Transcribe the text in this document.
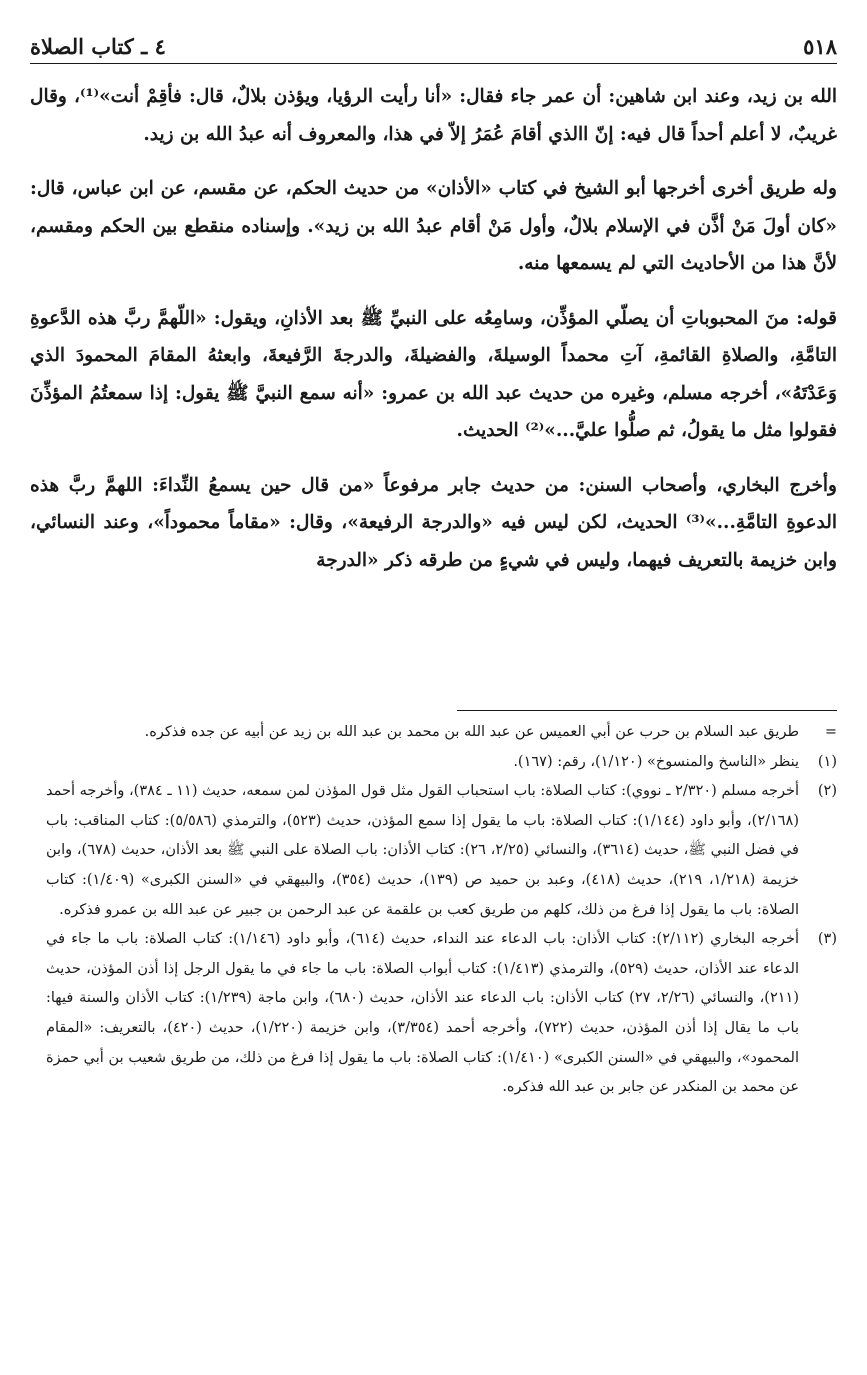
٥١٨
٤ ـ كتاب الصلاة

الله بن زيد، وعند ابن شاهين: أن عمر جاء فقال: «أنا رأيت الرؤيا، ويؤذن بلالٌ، قال: فأقِمْ أنت»⁽¹⁾، وقال غريبٌ، لا أعلم أحداً قال فيه: إنّ االذي أقامَ عُمَرُ إلاّ في هذا، والمعروف أنه عبدُ الله بن زيد.

وله طريق أخرى أخرجها أبو الشيخ في كتاب «الأذان» من حديث الحكم، عن مقسم، عن ابن عباس، قال: «كان أولَ مَنْ أذَّن في الإسلام بلالٌ، وأول مَنْ أقام عبدُ الله بن زيد». وإسناده منقطع بين الحكم ومقسم، لأنَّ هذا من الأحاديث التي لم يسمعها منه.

قوله: منَ المحبوباتِ أن يصلّي المؤذِّن، وسامِعُه على النبيِّ ﷺ بعد الأذانِ، ويقول: «اللّهمَّ ربَّ هذه الدَّعوةِ التامَّةِ، والصلاةِ القائمةِ، آتِ محمداً الوسيلةَ، والفضيلةَ، والدرجةَ الرَّفيعةَ، وابعثهُ المقامَ المحمودَ الذي وَعَدْتَهُ»، أخرجه مسلم، وغيره من حديث عبد الله بن عمرو: «أنه سمع النبيَّ ﷺ يقول: إذا سمعتُمُ المؤذِّنَ فقولوا مثل ما يقولُ، ثم صلُّوا عليَّ...»⁽²⁾ الحديث.

وأخرج البخاري، وأصحاب السنن: من حديث جابر مرفوعاً «من قال حين يسمعُ النِّداءَ: اللهمَّ ربَّ هذه الدعوةِ التامَّةِ...»⁽³⁾ الحديث، لكن ليس فيه «والدرجة الرفيعة»، وقال: «مقاماً محموداً»، وعند النسائي، وابن خزيمة بالتعريف فيهما، وليس في شيءٍ من طرقه ذكر «الدرجة

=
طريق عبد السلام بن حرب عن أبي العميس عن عبد الله بن محمد بن عبد الله بن زيد عن أبيه عن جده فذكره.
(١)
ينظر «الناسخ والمنسوخ» (١/١٢٠)، رقم: (١٦٧).
(٢)
أخرجه مسلم (٢/٣٢٠ ـ نووي): كتاب الصلاة: باب استحباب القول مثل قول المؤذن لمن سمعه، حديث (١١ ـ ٣٨٤)، وأخرجه أحمد (٢/١٦٨)، وأبو داود (١/١٤٤): كتاب الصلاة: باب ما يقول إذا سمع المؤذن، حديث (٥٢٣)، والترمذي (٥/٥٨٦): كتاب المناقب: باب في فضل النبي ﷺ، حديث (٣٦١٤)، والنسائي (٢/٢٥، ٢٦): كتاب الأذان: باب الصلاة على النبي ﷺ بعد الأذان، حديث (٦٧٨)، وابن خزيمة (١/٢١٨، ٢١٩)، حديث (٤١٨)، وعبد بن حميد ص (١٣٩)، حديث (٣٥٤)، والبيهقي في «السنن الكبرى» (١/٤٠٩): كتاب الصلاة: باب ما يقول إذا فرغ من ذلك، كلهم من طريق كعب بن علقمة عن عبد الرحمن بن جبير عن عبد الله بن عمرو فذكره.
(٣)
أخرجه البخاري (٢/١١٢): كتاب الأذان: باب الدعاء عند النداء، حديث (٦١٤)، وأبو داود (١/١٤٦): كتاب الصلاة: باب ما جاء في الدعاء عند الأذان، حديث (٥٢٩)، والترمذي (١/٤١٣): كتاب أبواب الصلاة: باب ما جاء في ما يقول الرجل إذا أذن المؤذن، حديث (٢١١)، والنسائي (٢/٢٦، ٢٧) كتاب الأذان: باب الدعاء عند الأذان، حديث (٦٨٠)، وابن ماجة (١/٢٣٩): كتاب الأذان والسنة فيها: باب ما يقال إذا أذن المؤذن، حديث (٧٢٢)، وأخرجه أحمد (٣/٣٥٤)، وابن خزيمة (١/٢٢٠)، حديث (٤٢٠)، بالتعريف: «المقام المحمود»، والبيهقي في «السنن الكبرى» (١/٤١٠): كتاب الصلاة: باب ما يقول إذا فرغ من ذلك، من طريق شعيب بن أبي حمزة عن محمد بن المنكدر عن جابر بن عبد الله فذكره.
